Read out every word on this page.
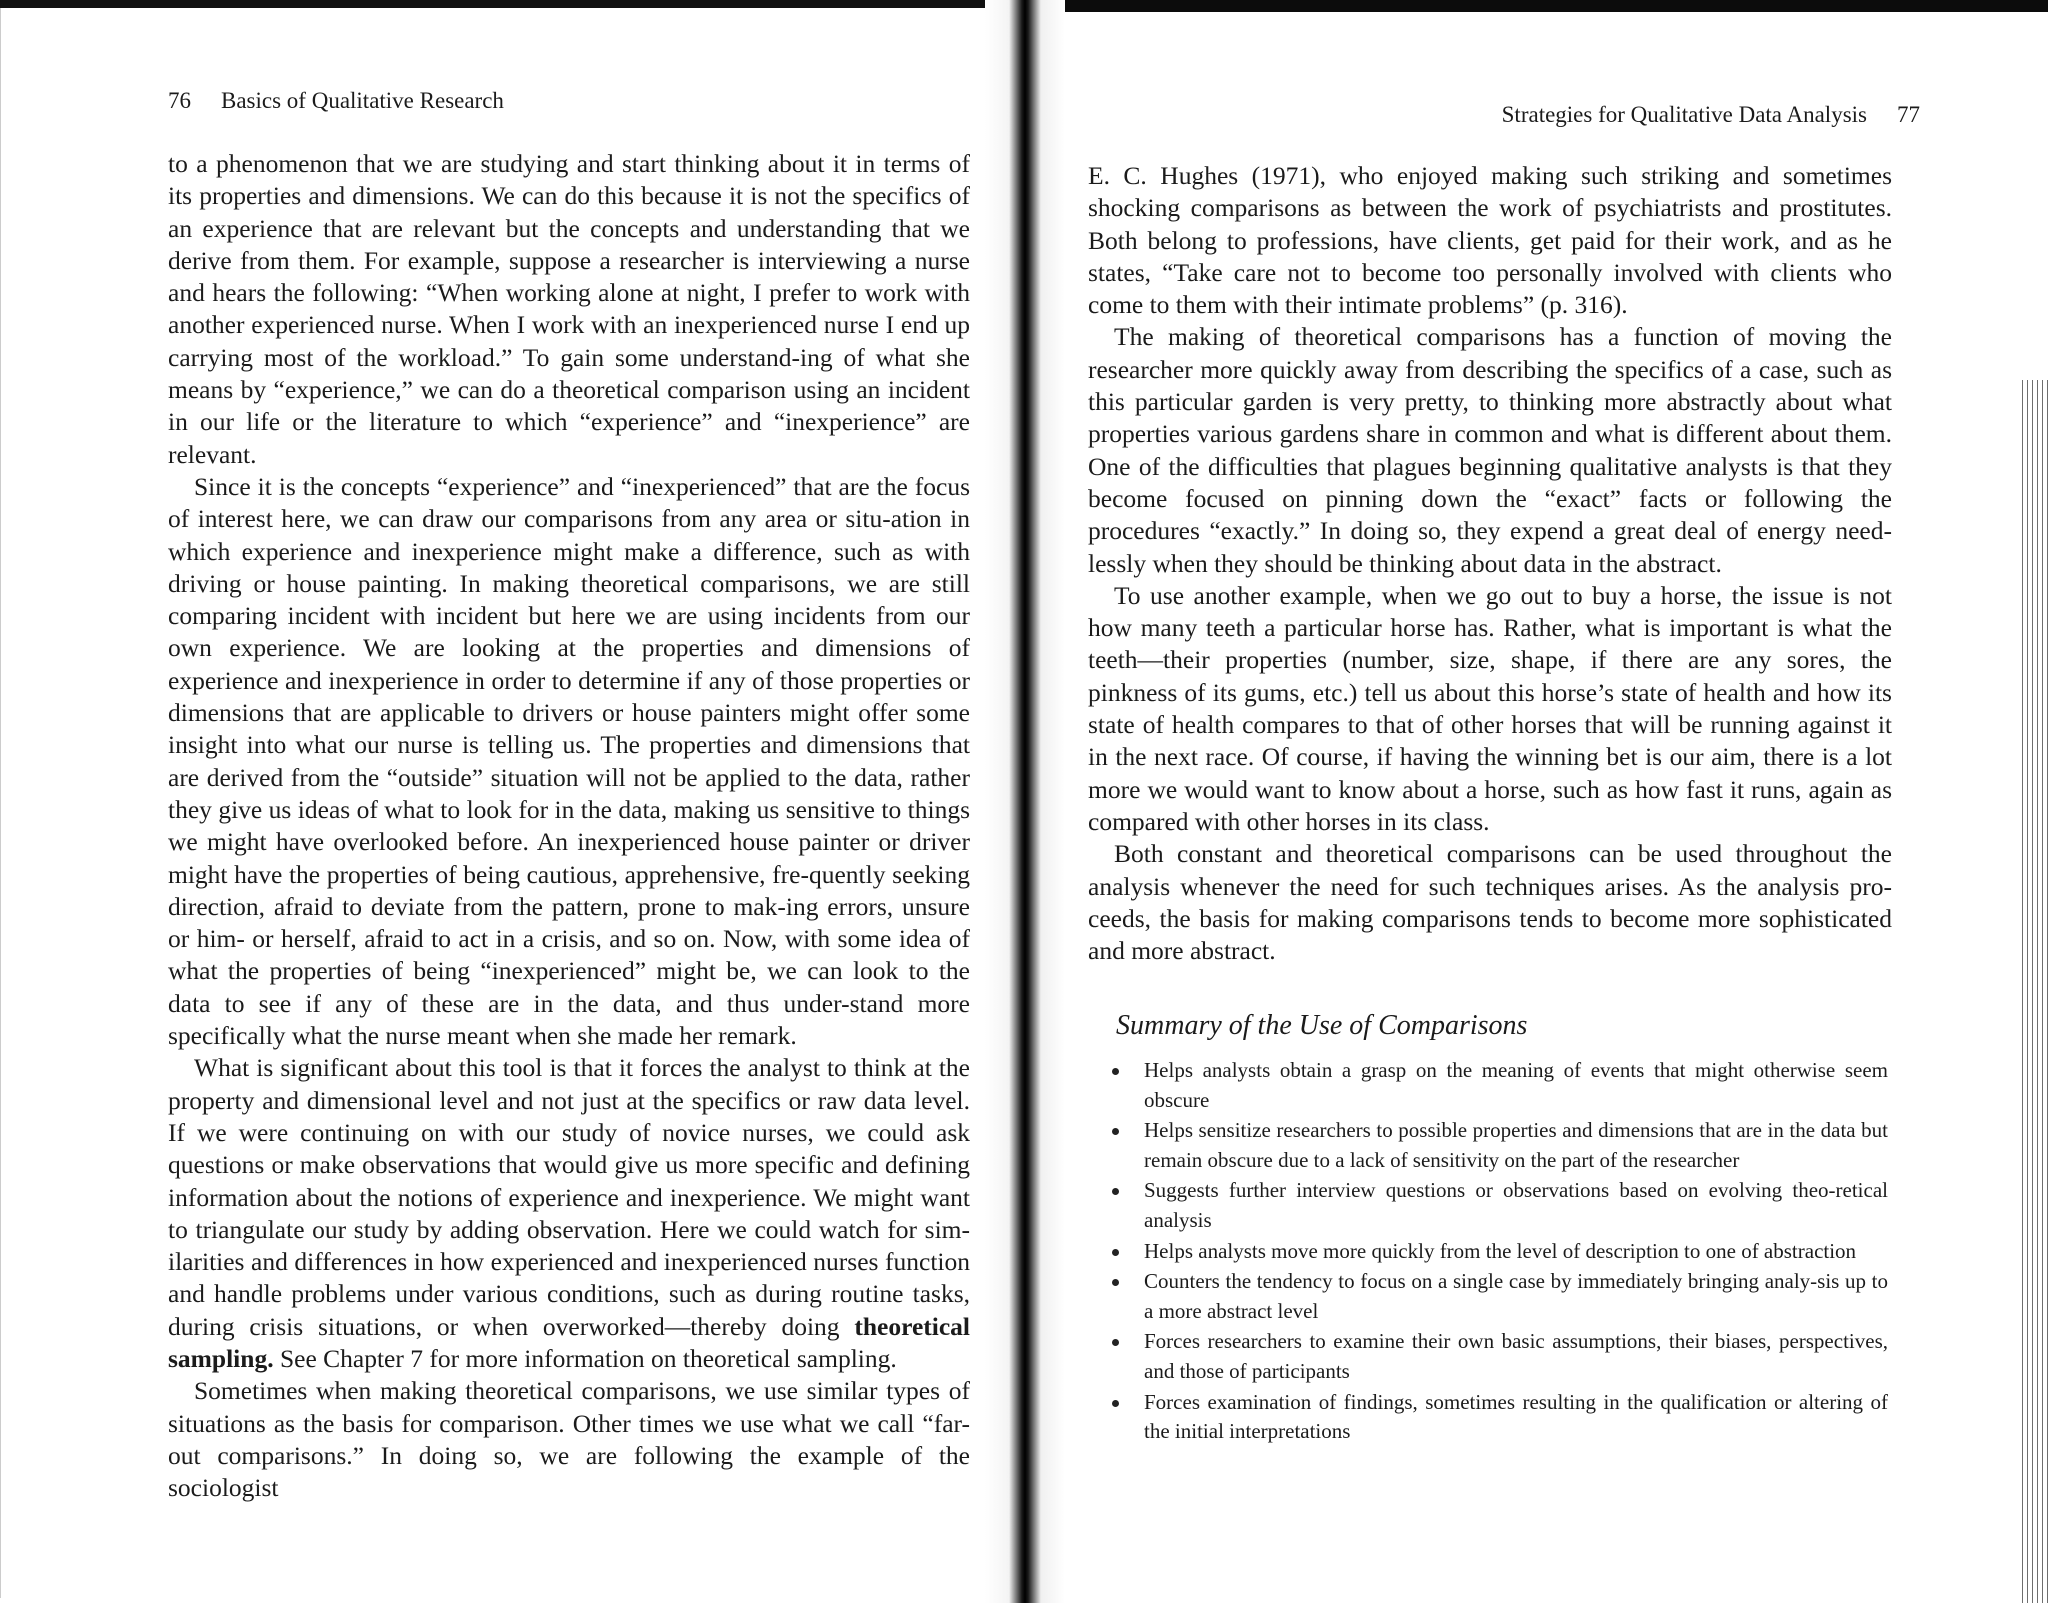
76 Basics of Qualitative Research

to a phenomenon that we are studying and start thinking about it in terms of its properties and dimensions. We can do this because it is not the specifics of an experience that are relevant but the concepts and understanding that we derive from them. For example, suppose a researcher is interviewing a nurse and hears the following: “When working alone at night, I prefer to work with another experienced nurse. When I work with an inexperienced nurse I end up carrying most of the workload.” To gain some understand-ing of what she means by “experience,” we can do a theoretical comparison using an incident in our life or the literature to which “experience” and “inexperience” are relevant.

Since it is the concepts “experience” and “inexperienced” that are the focus of interest here, we can draw our comparisons from any area or situ-ation in which experience and inexperience might make a difference, such as with driving or house painting. In making theoretical comparisons, we are still comparing incident with incident but here we are using incidents from our own experience. We are looking at the properties and dimensions of experience and inexperience in order to determine if any of those properties or dimensions that are applicable to drivers or house painters might offer some insight into what our nurse is telling us. The properties and dimensions that are derived from the “outside” situation will not be applied to the data, rather they give us ideas of what to look for in the data, making us sensitive to things we might have overlooked before. An inexperienced house painter or driver might have the properties of being cautious, apprehensive, fre-quently seeking direction, afraid to deviate from the pattern, prone to mak-ing errors, unsure or him- or herself, afraid to act in a crisis, and so on. Now, with some idea of what the properties of being “inexperienced” might be, we can look to the data to see if any of these are in the data, and thus under-stand more specifically what the nurse meant when she made her remark.

What is significant about this tool is that it forces the analyst to think at the property and dimensional level and not just at the specifics or raw data level. If we were continuing on with our study of novice nurses, we could ask questions or make observations that would give us more specific and defining information about the notions of experience and inexperience. We might want to triangulate our study by adding observation. Here we could watch for sim-ilarities and differences in how experienced and inexperienced nurses function and handle problems under various conditions, such as during routine tasks, during crisis situations, or when overworked—thereby doing theoretical sampling. See Chapter 7 for more information on theoretical sampling.

Sometimes when making theoretical comparisons, we use similar types of situations as the basis for comparison. Other times we use what we call “far-out comparisons.” In doing so, we are following the example of the sociologist

Strategies for Qualitative Data Analysis 77

E. C. Hughes (1971), who enjoyed making such striking and sometimes shocking comparisons as between the work of psychiatrists and prostitutes. Both belong to professions, have clients, get paid for their work, and as he states, “Take care not to become too personally involved with clients who come to them with their intimate problems” (p. 316).

The making of theoretical comparisons has a function of moving the researcher more quickly away from describing the specifics of a case, such as this particular garden is very pretty, to thinking more abstractly about what properties various gardens share in common and what is different about them. One of the difficulties that plagues beginning qualitative analysts is that they become focused on pinning down the “exact” facts or following the procedures “exactly.” In doing so, they expend a great deal of energy need-lessly when they should be thinking about data in the abstract.

To use another example, when we go out to buy a horse, the issue is not how many teeth a particular horse has. Rather, what is important is what the teeth—their properties (number, size, shape, if there are any sores, the pinkness of its gums, etc.) tell us about this horse’s state of health and how its state of health compares to that of other horses that will be running against it in the next race. Of course, if having the winning bet is our aim, there is a lot more we would want to know about a horse, such as how fast it runs, again as compared with other horses in its class.

Both constant and theoretical comparisons can be used throughout the analysis whenever the need for such techniques arises. As the analysis pro-ceeds, the basis for making comparisons tends to become more sophisticated and more abstract.

Summary of the Use of Comparisons
Helps analysts obtain a grasp on the meaning of events that might otherwise seem obscure
Helps sensitize researchers to possible properties and dimensions that are in the data but remain obscure due to a lack of sensitivity on the part of the researcher
Suggests further interview questions or observations based on evolving theo-retical analysis
Helps analysts move more quickly from the level of description to one of abstraction
Counters the tendency to focus on a single case by immediately bringing analy-sis up to a more abstract level
Forces researchers to examine their own basic assumptions, their biases, perspectives, and those of participants
Forces examination of findings, sometimes resulting in the qualification or altering of the initial interpretations
